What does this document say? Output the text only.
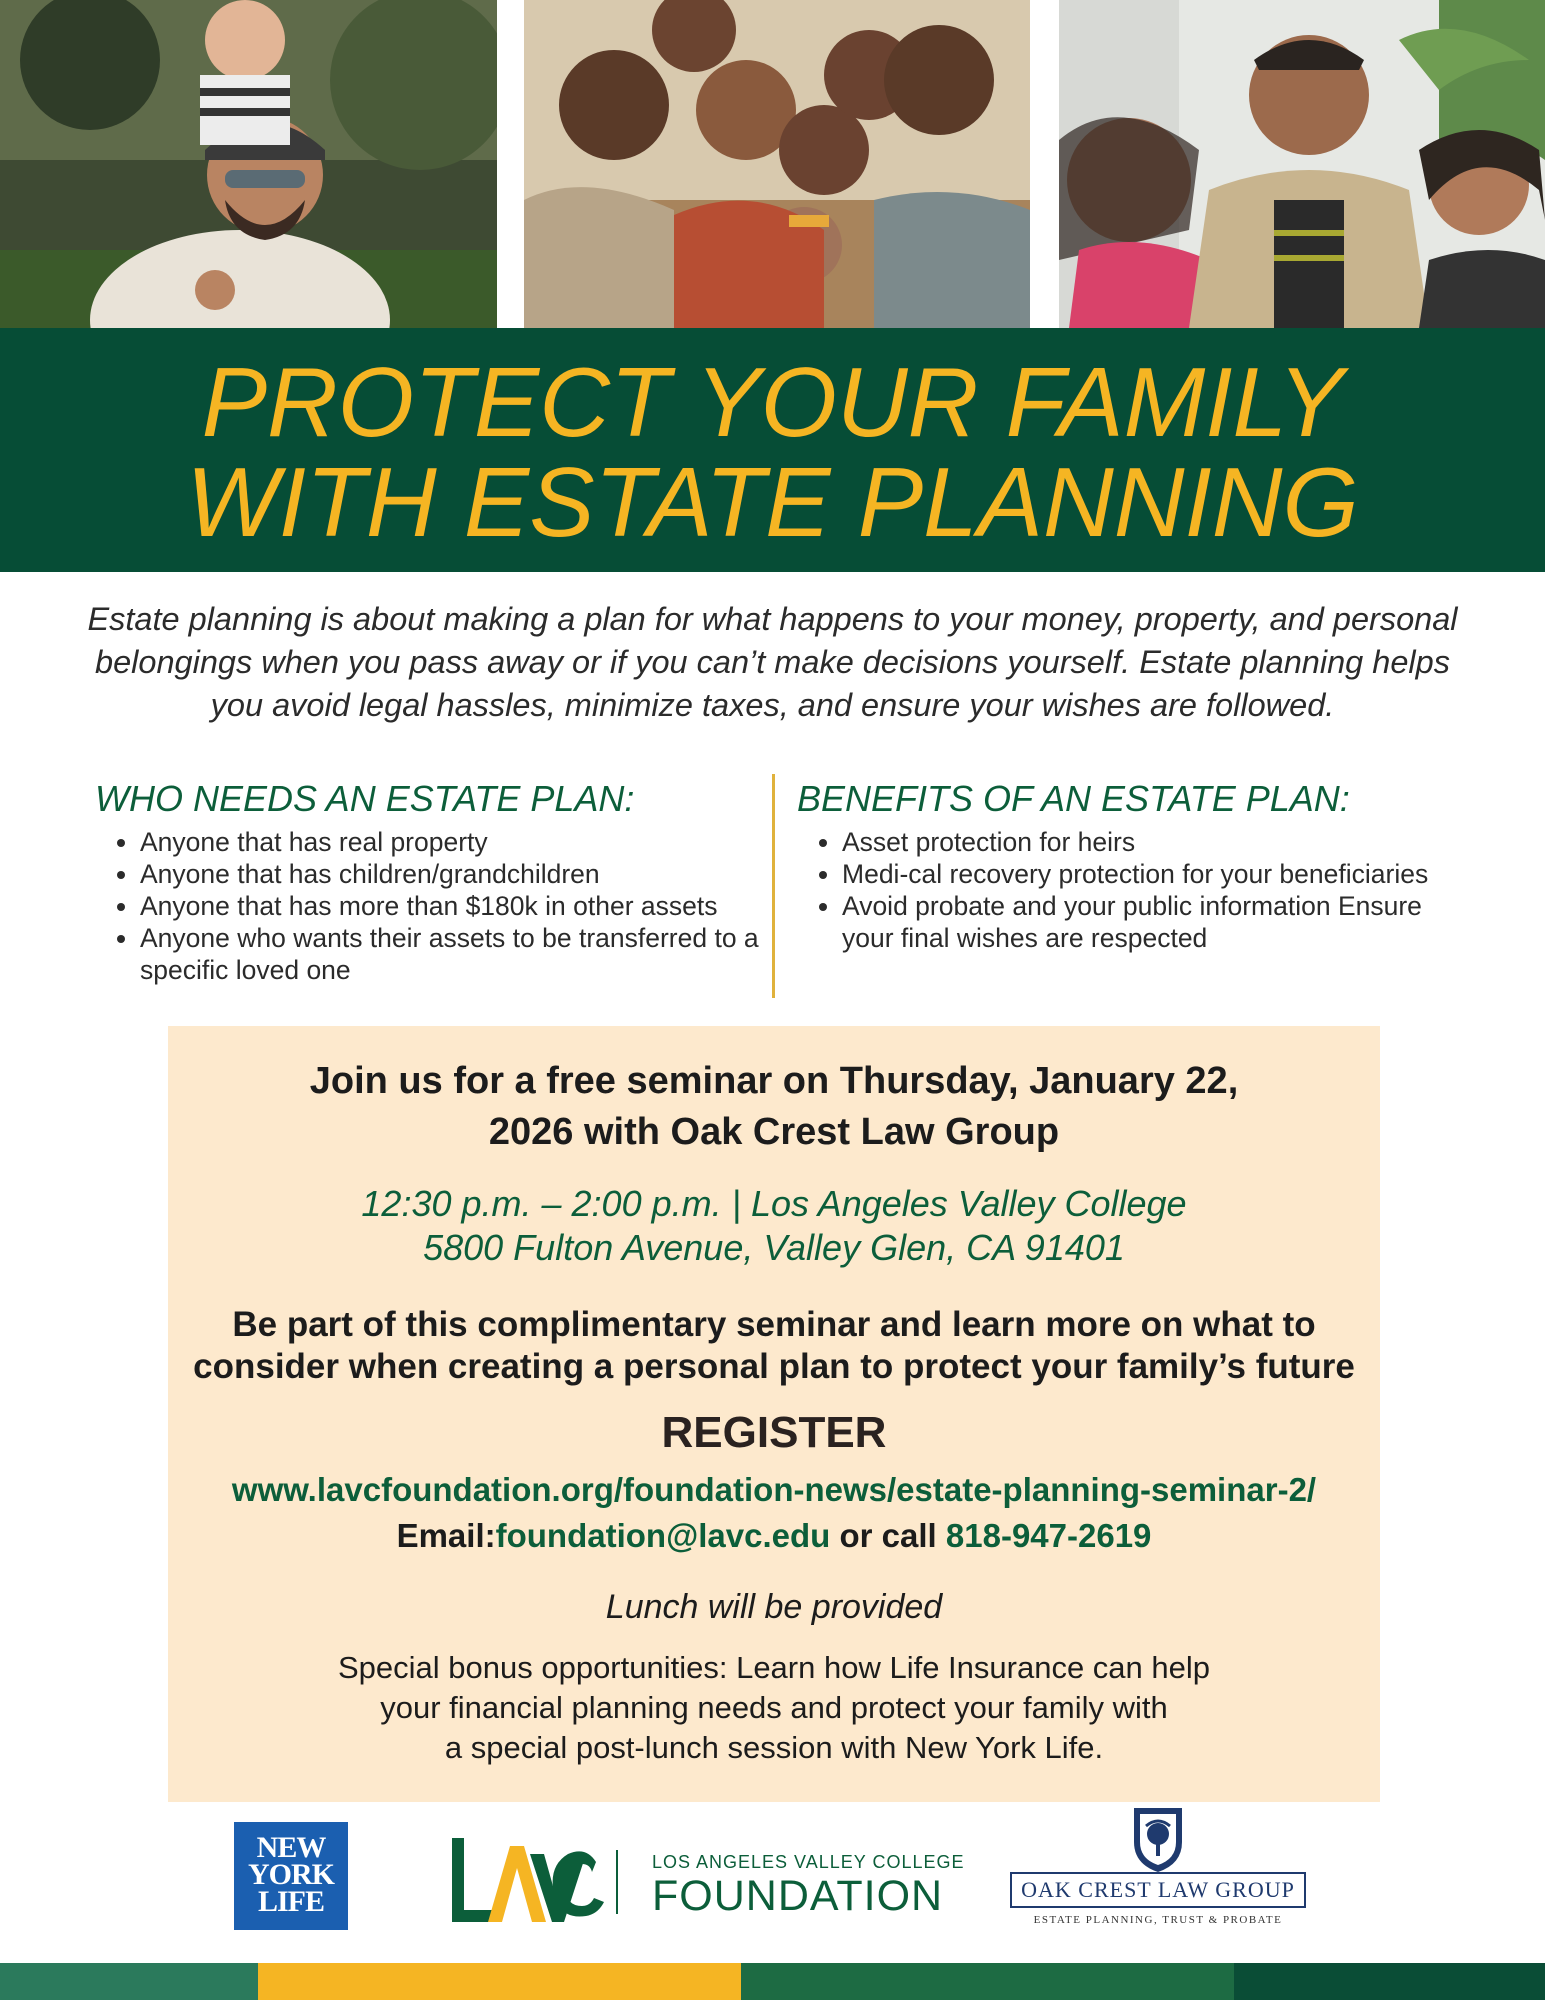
PROTECT YOUR FAMILY
WITH ESTATE PLANNING
Estate planning is about making a plan for what happens to your money, property, and personal belongings when you pass away or if you can’t make decisions yourself. Estate planning helps you avoid legal hassles, minimize taxes, and ensure your wishes are followed.
WHO NEEDS AN ESTATE PLAN:
• Anyone that has real property
• Anyone that has children/grandchildren
• Anyone that has more than $180k in other assets
• Anyone who wants their assets to be transferred to a specific loved one
BENEFITS OF AN ESTATE PLAN:
• Asset protection for heirs
• Medi-cal recovery protection for your beneficiaries
• Avoid probate and your public information Ensure your final wishes are respected
Join us for a free seminar on Thursday, January 22,
2026 with Oak Crest Law Group
12:30 p.m. – 2:00 p.m. | Los Angeles Valley College
5800 Fulton Avenue, Valley Glen, CA 91401
Be part of this complimentary seminar and learn more on what to
consider when creating a personal plan to protect your family’s future
REGISTER
www.lavcfoundation.org/foundation-news/estate-planning-seminar-2/
Email:foundation@lavc.edu or call 818-947-2619
Lunch will be provided
Special bonus opportunities: Learn how Life Insurance can help
your financial planning needs and protect your family with
a special post-lunch session with New York Life.
NEW
YORK
LIFE
LOS ANGELES VALLEY COLLEGE
FOUNDATION	OAK CREST LAW GROUP
ESTATE PLANNING, TRUST & PROBATE
